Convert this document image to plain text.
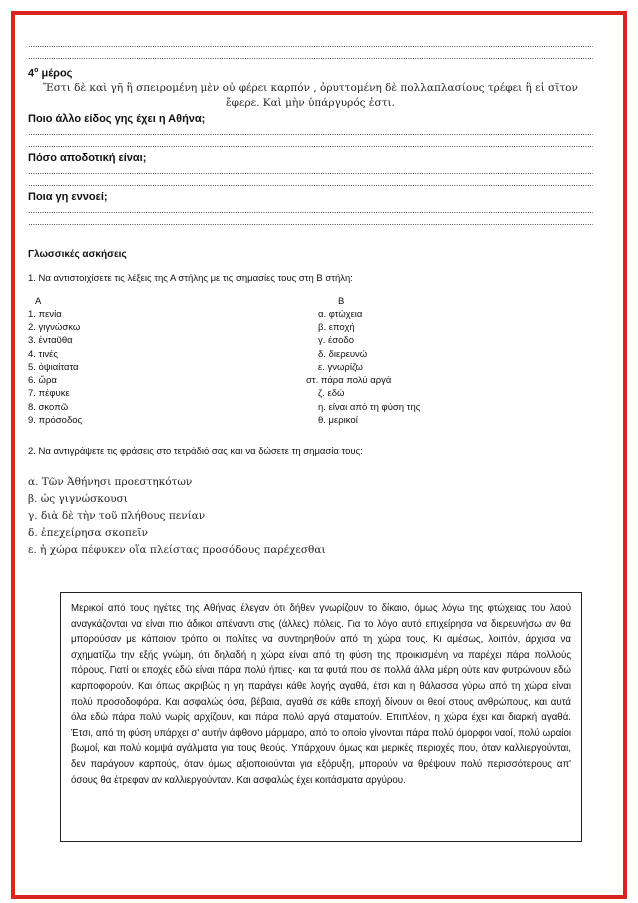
.....
.....
$4^o$ μέρος
Ἔστι δὲ καὶ γῆ ἣ σπειρομένη μὲν οὐ φέρει καρπόν , ὀρυττομένη δὲ πολλαπλασίους τρέφει ἢ εἰ σῖτον
ἔφερε. Καὶ μὴν ὑπάργυρός ἐστι.
Ποιο άλλο είδος γης έχει η Αθήνα;
.....
.....
Πόσο αποδοτική είναι;
.....
.....
Ποια γη εννοεί;
.....
.....
Γλωσσικές ασκήσεις
1. Να αντιστοιχίσετε τις λέξεις της Α στήλης με τις σημασίες τους στη Β στήλη:
Α	Β
1. πενία
2. γιγνώσκω
3. ἐνταῦθα
4. τινές
5. ὀψιαίτατα
6. ὥρα
7. πέφυκε
8. σκοπῶ
9. πρόσοδος
α. φτώχεια
β. εποχή
γ. έσοδο
δ. διερευνώ
ε. γνωρίζω
στ. πάρα πολύ αργά
ζ. εδώ
η. είναι από τη φύση της
θ. μερικοί
2. Να αντιγράψετε τις φράσεις στο τετράδιό σας και να δώσετε τη σημασία τους:
α. Τῶν Ἀθήνησι προεστηκότων
β. ὡς γιγνώσκουσι
γ. διὰ δὲ τὴν τοῦ πλήθους πενίαν
δ. ἐπεχείρησα σκοπεῖν
ε. ἡ χώρα πέφυκεν οἵα πλείστας προσόδους παρέχεσθαι
Μερικοί από τους ηγέτες της Αθήνας έλεγαν ότι δήθεν γνωρίζουν το δίκαιο, όμως λόγω της φτώχειας του λαού αναγκάζονται να είναι πιο άδικοι απέναντι στις (άλλες) πόλεις. Για το λόγο αυτό επιχείρησα να διερευνήσω αν θα μπορούσαν με κάποιον τρόπο οι πολίτες να συντηρηθούν από τη χώρα τους. Κι αμέσως, λοιπόν, άρχισα να σχηματίζω την εξής γνώμη, ότι δηλαδή η χώρα είναι από τη φύση της προικισμένη να παρέχει πάρα πολλούς πόρους. Γιατί οι εποχές εδώ είναι πάρα πολύ ήπιες· και τα φυτά που σε πολλά άλλα μέρη ούτε καν φυτρώνουν εδώ καρποφορούν. Και όπως ακριβώς η γη παράγει κάθε λογής αγαθά, έτσι και η θάλασσα γύρω από τη χώρα είναι πολύ προσοδοφόρα. Και ασφαλώς όσα, βέβαια, αγαθά σε κάθε εποχή δίνουν οι θεοί στους ανθρώπους, και αυτά όλα εδώ πάρα πολύ νωρίς αρχίζουν, και πάρα πολύ αργά σταματούν. Επιπλέον, η χώρα έχει και διαρκή αγαθά. Έτσι, από τη φύση υπάρχει σ' αυτήν άφθονο μάρμαρο, από το οποίο γίνονται πάρα πολύ όμορφοι ναοί, πολύ ωραίοι βωμοί, και πολύ κομψά αγάλματα για τους θεούς. Υπάρχουν όμως και μερικές περιοχές που, όταν καλλιεργούνται, δεν παράγουν καρπούς, όταν όμως αξιοποιούνται για εξόρυξη, μπορούν να θρέψουν πολύ περισσότερους απ' όσους θα έτρεφαν αν καλλιεργούνταν. Και ασφαλώς έχει κοιτάσματα αργύρου.
